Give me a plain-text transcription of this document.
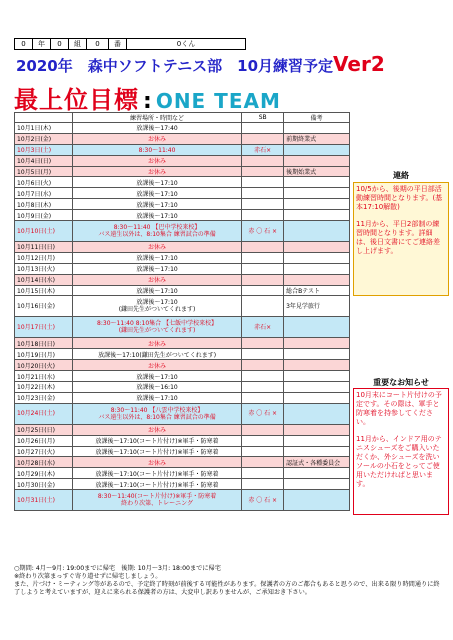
0	年	0	組	0	番	0くん
2020年　森中ソフトテニス部　10月練習予定Ver2
最上位目標 : ONE TEAM
	練習場所・時間など	SB	備考
10月1日(木)	放課後～17:40		
10月2日(金)	お休み		前期終業式
10月3日(土)	8:30～11:40	赤石×	
10月4日(日)	お休み		
10月5日(月)	お休み		後期始業式
10月6日(火)	放課後～17:10		
10月7日(水)	放課後～17:10		
10月8日(木)	放課後～17:10		
10月9日(金)	放課後～17:10		
10月10日(土)	8:30～11:40 【巴中学校来校】
バス遠生以外は、8:10集合 練習試合の準備	赤 〇 石 ×	
10月11日(日)	お休み		
10月12日(月)	放課後～17:10		
10月13日(火)	放課後～17:10		
10月14日(水)	お休み		
10月15日(木)	放課後～17:10		総合Bテスト
10月16日(金)	放課後～17:10
(鎌田先生がついてくれます)		3年見学旅行
10月17日(土)	8:30～11:40 8:10集合 【七飯中学校来校】
(鎌田先生がついてくれます)	赤石×	
10月18日(日)	お休み		
10月19日(月)	放課後～17:10(鎌田先生がついてくれます)		
10月20日(火)	お休み		
10月21日(水)	放課後～17:10		
10月22日(木)	放課後～16:10		
10月23日(金)	放課後～17:10		
10月24日(土)	8:30～11:40 【八雲中学校来校】
バス遠生以外は、8:10集合 練習試合の準備	赤 〇 石 ×	
10月25日(日)	お休み		
10月26日(月)	放課後～17:10(コート片付け)※軍手・防寒着		
10月27日(火)	放課後～17:10(コート片付け)※軍手・防寒着		
10月28日(水)	お休み		認証式・各種委員会
10月29日(木)	放課後～17:10(コート片付け)※軍手・防寒着		
10月30日(金)	放課後～17:10(コート片付け)※軍手・防寒着		
10月31日(土)	8:30～11:40(コート片付け)※軍手・防寒着
終わり次第、トレーニング	赤 〇 石 ×	
連絡

10/5から、後期の平日部活動練習時間となります。(基本17:10解散)

11月から、平日2部制の練習時間となります。詳細は、後日文書にてご連絡差し上げます。

重要なお知らせ

10月末にコート片付けの予定です。その際は、軍手と防寒着を持参してください。

11月から、インドア用のテニスシューズをご購入いただくか、外シューズを洗いソールの小石をとってご使用いただければと思います。

○期間: 4月～9月: 19:00までに帰宅　後期: 10月～3月: 18:00までに帰宅
※終わり次第まっすぐ寄り道せずに帰宅しましょう。
また、片づけ・ミーティング等があるので、予定終了時刻が前後する可能性があります。保護者の方のご都合もあると思うので、出来る限り時間通りに終了しようと考えていますが、迎えに来られる保護者の方は、大変申し訳ありませんが、ご承知おき下さい。
